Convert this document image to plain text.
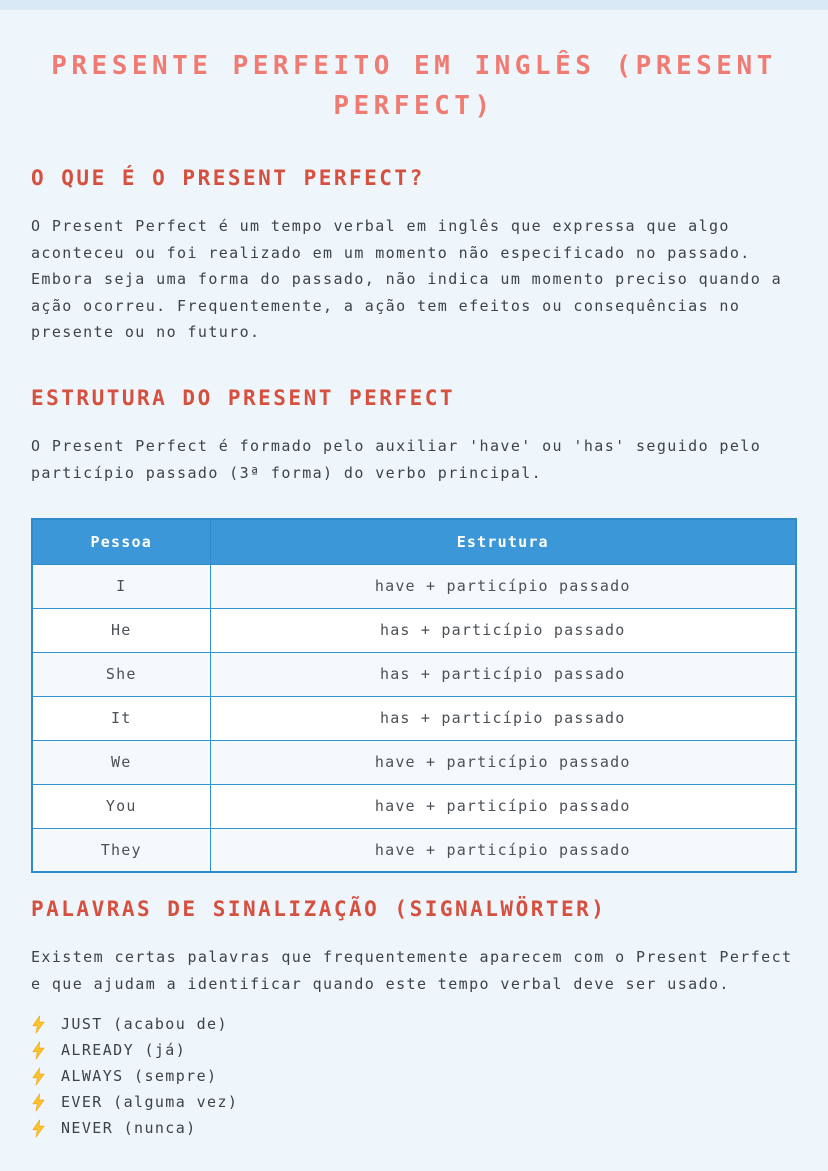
PRESENTE PERFEITO EM INGLÊS (PRESENT PERFECT)
O QUE É O PRESENT PERFECT?

O Present Perfect é um tempo verbal em inglês que expressa que algo aconteceu ou foi realizado em um momento não especificado no passado. Embora seja uma forma do passado, não indica um momento preciso quando a ação ocorreu. Frequentemente, a ação tem efeitos ou consequências no presente ou no futuro.

ESTRUTURA DO PRESENT PERFECT

O Present Perfect é formado pelo auxiliar 'have' ou 'has' seguido pelo particípio passado (3ª forma) do verbo principal.

Pessoa	Estrutura
I	have + particípio passado
He	has + particípio passado
She	has + particípio passado
It	has + particípio passado
We	have + particípio passado
You	have + particípio passado
They	have + particípio passado
PALAVRAS DE SINALIZAÇÃO (SIGNALWÖRTER)

Existem certas palavras que frequentemente aparecem com o Present Perfect e que ajudam a identificar quando este tempo verbal deve ser usado.

JUST (acabou de)
ALREADY (já)
ALWAYS (sempre)
EVER (alguma vez)
NEVER (nunca)
